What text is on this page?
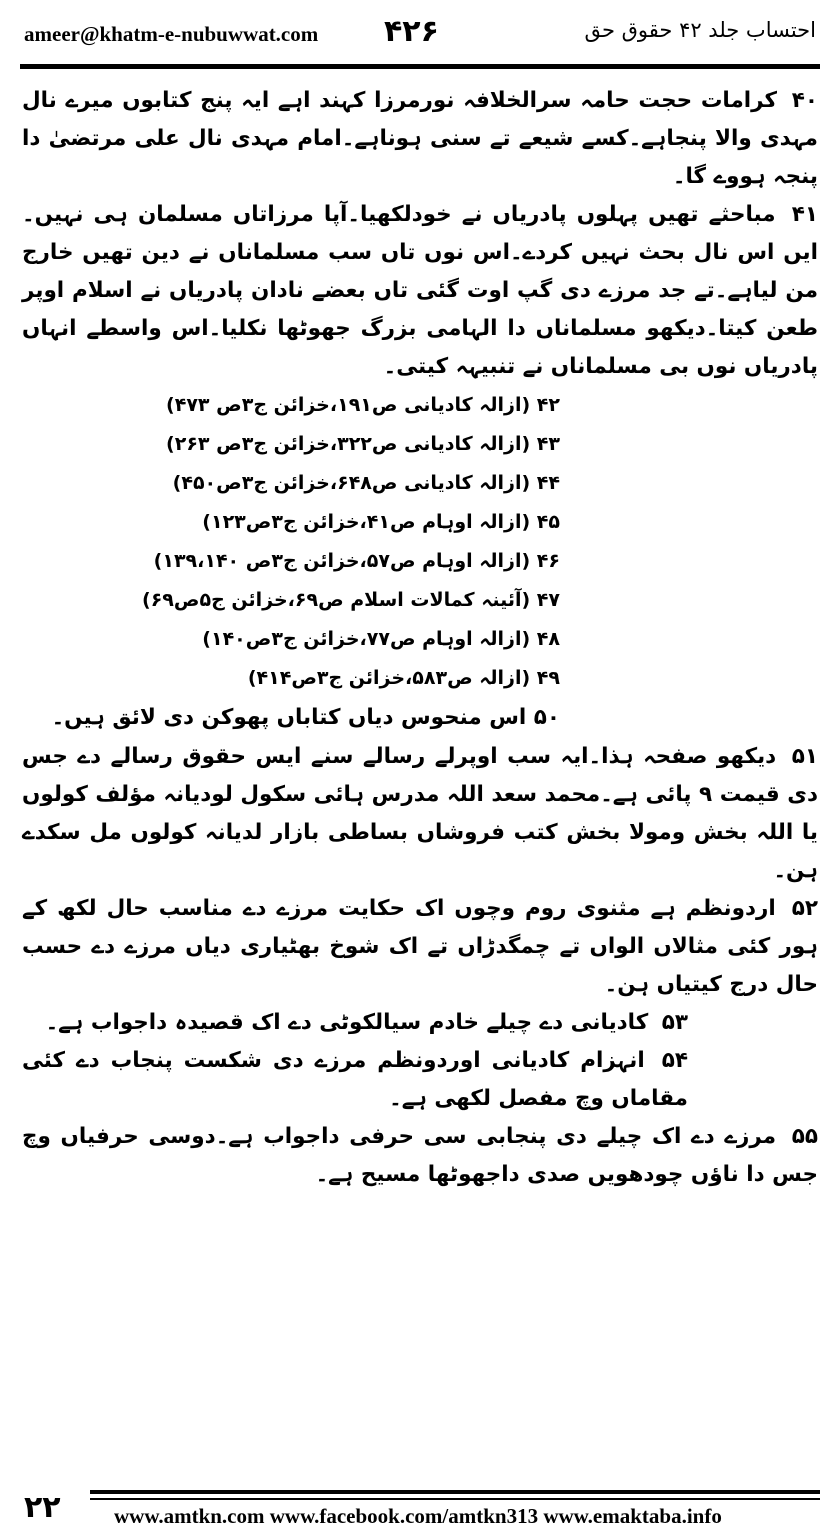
ameer@khatm-e-nubuwwat.com ۴۲۶	احتساب جلد ۴۲ حقوق حق

۴۰ کرامات حجت حامہ سرالخلافہ نورمرزا کہند اہے ایہ پنج کتابوں میرے نال مہدی والا پنجاہے۔کسے شیعے تے سنی ہوناہے۔امام مہدی نال علی مرتضیٰ دا پنجہ ہووے گا۔

۴۱ مباحثے تھیں پہلوں پادریاں نے خودلکھیا۔آپا مرزاتاں مسلمان ہی نہیں۔ایں اس نال بحث نہیں کردے۔اس نوں تاں سب مسلماناں نے دین تھیں خارج من لیاہے۔تے جد مرزے دی گپ اوت گئی تاں بعضے نادان پادریاں نے اسلام اوپر طعن کیتا۔دیکھو مسلماناں دا الہامی بزرگ جھوٹھا نکلیا۔اس واسطے انہاں پادریاں نوں بی مسلماناں نے تنبیہہ کیتی۔

۴۲ (ازالہ کادیانی ص۱۹۱،خزائن ج۳ص ۴۷۳)

۴۳ (ازالہ کادیانی ص۳۲۲،خزائن ج۳ص ۲۶۳)

۴۴ (ازالہ کادیانی ص۶۴۸،خزائن ج۳ص۴۵۰)

۴۵ (ازالہ اوہام ص۴۱،خزائن ج۳ص۱۲۳)

۴۶ (ازالہ اوہام ص۵۷،خزائن ج۳ص ۱۳۹،۱۴۰)

۴۷ (آئینہ کمالات اسلام ص۶۹،خزائن ج۵ص۶۹)

۴۸ (ازالہ اوہام ص۷۷،خزائن ج۳ص۱۴۰)

۴۹ (ازالہ ص۵۸۳،خزائن ج۳ص۴۱۴)

۵۰ اس منحوس دیاں کتاباں پھوکن دی لائق ہیں۔

۵۱ دیکھو صفحہ ہذا۔ایہ سب اوپرلے رسالے سنے ایس حقوق رسالے دے جس دی قیمت ۹ پائی ہے۔محمد سعد اللہ مدرس ہائی سکول لودیانہ مؤلف کولوں یا اللہ بخش ومولا بخش کتب فروشاں بساطی بازار لدیانہ کولوں مل سکدے ہن۔

۵۲ اردونظم ہے مثنوی روم وچوں اک حکایت مرزے دے مناسب حال لکھ کے ہور کئی مثالاں الواں تے چمگدڑاں تے اک شوخ بھٹیاری دیاں مرزے دے حسب حال درج کیتیاں ہن۔

۵۳ کادیانی دے چیلے خادم سیالکوٹی دے اک قصیدہ داجواب ہے۔

۵۴ انہزام کادیانی اوردونظم مرزے دی شکست پنجاب دے کئی مقاماں وچ مفصل لکھی ہے۔

۵۵ مرزے دے اک چیلے دی پنجابی سی حرفی داجواب ہے۔دوسی حرفیاں وچ جس دا ناؤں چودھویں صدی داجھوٹھا مسیح ہے۔

۲۲	www.amtkn.com www.facebook.com/amtkn313 www.emaktaba.info
